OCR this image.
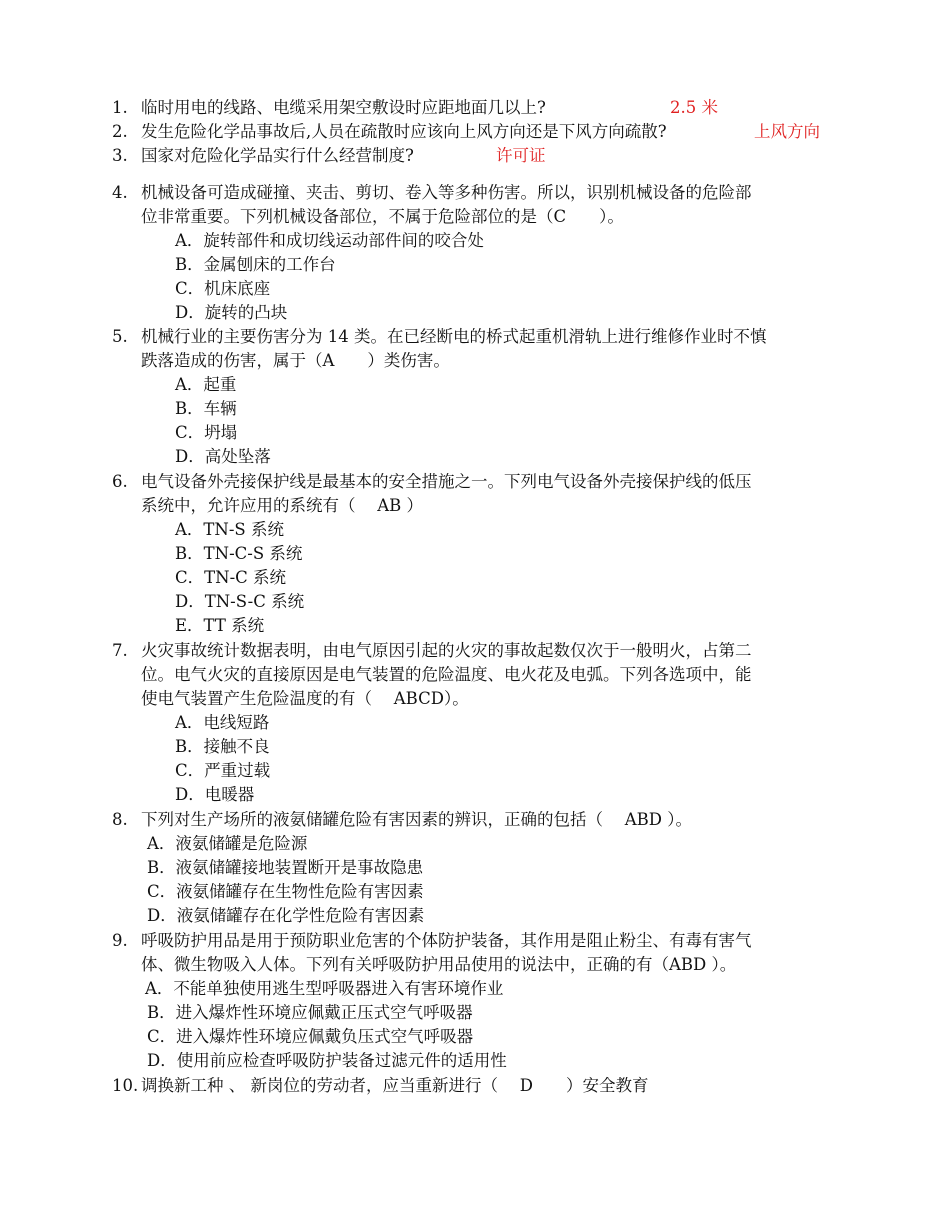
1. 临时用电的线路、电缆采用架空敷设时应距地面几以上?	2.5 米
2. 发生危险化学品事故后,人员在疏散时应该向上风方向还是下风方向疏散?	上风方向
3. 国家对危险化学品实行什么经营制度?	许可证
4. 机械设备可造成碰撞、夹击、剪切、卷入等多种伤害。所以，识别机械设备的危险部
位非常重要。下列机械设备部位，不属于危险部位的是（C　　）。
A．旋转部件和成切线运动部件间的咬合处
B．金属刨床的工作台
C．机床底座
D．旋转的凸块
5. 机械行业的主要伤害分为 14 类。在已经断电的桥式起重机滑轨上进行维修作业时不慎
跌落造成的伤害，属于（A　　）类伤害。
A．起重
B．车辆
C．坍塌
D．高处坠落
6. 电气设备外壳接保护线是最基本的安全措施之一。下列电气设备外壳接保护线的低压
系统中，允许应用的系统有（　 AB ）
A．TN-S 系统
B．TN-C-S 系统
C．TN-C 系统
D．TN-S-C 系统
E．TT 系统
7. 火灾事故统计数据表明，由电气原因引起的火灾的事故起数仅次于一般明火，占第二
位。电气火灾的直接原因是电气装置的危险温度、电火花及电弧。下列各选项中，能
使电气装置产生危险温度的有（　 ABCD）。
A．电线短路
B．接触不良
C．严重过载
D．电暖器
8. 下列对生产场所的液氨储罐危险有害因素的辨识，正确的包括（　 ABD ）。
A．液氨储罐是危险源
B．液氨储罐接地装置断开是事故隐患
C．液氨储罐存在生物性危险有害因素
D．液氨储罐存在化学性危险有害因素
9. 呼吸防护用品是用于预防职业危害的个体防护装备，其作用是阻止粉尘、有毒有害气
体、微生物吸入人体。下列有关呼吸防护用品使用的说法中，正确的有（ABD ）。
A．不能单独使用逃生型呼吸器进入有害环境作业
B．进入爆炸性环境应佩戴正压式空气呼吸器
C．进入爆炸性环境应佩戴负压式空气呼吸器
D．使用前应检查呼吸防护装备过滤元件的适用性
10. 调换新工种 、 新岗位的劳动者，应当重新进行（　 D　　）安全教育
